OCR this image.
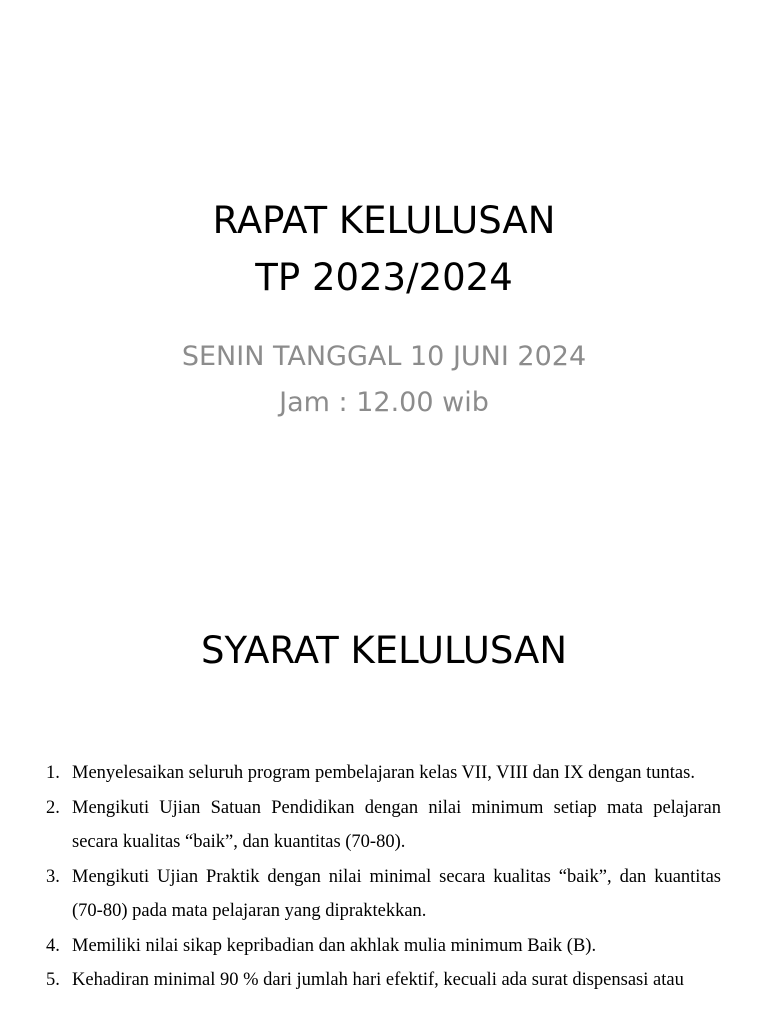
RAPAT KELULUSAN
TP 2023/2024
SENIN TANGGAL 10 JUNI 2024
Jam : 12.00 wib
SYARAT KELULUSAN
1. Menyelesaikan seluruh program pembelajaran kelas VII, VIII dan IX dengan tuntas.
2. Mengikuti Ujian Satuan Pendidikan dengan nilai minimum setiap mata pelajaran secara kualitas “baik”, dan kuantitas (70-80).
3. Mengikuti Ujian Praktik dengan nilai minimal secara kualitas “baik”, dan kuantitas (70-80) pada mata pelajaran yang dipraktekkan.
4. Memiliki nilai sikap kepribadian dan akhlak mulia minimum Baik (B).
5. Kehadiran minimal 90 % dari jumlah hari efektif, kecuali ada surat dispensasi atau
